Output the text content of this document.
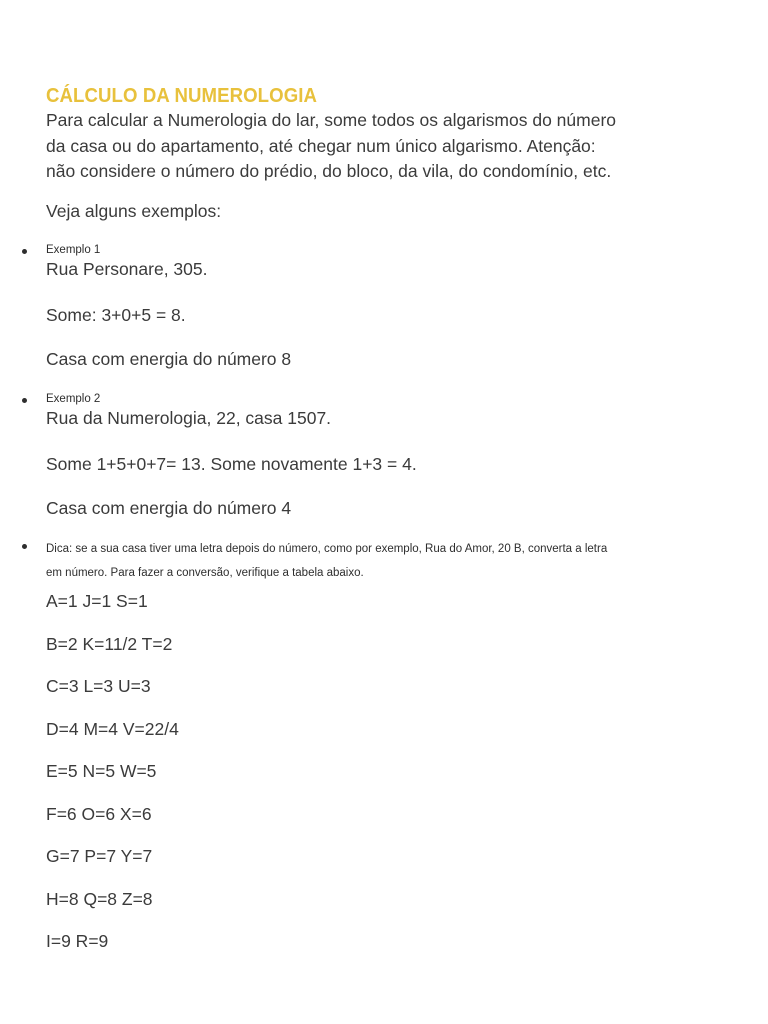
CÁLCULO DA NUMEROLOGIA
Para calcular a Numerologia do lar, some todos os algarismos do número
da casa ou do apartamento, até chegar num único algarismo. Atenção:
não considere o número do prédio, do bloco, da vila, do condomínio, etc.
Veja alguns exemplos:
Exemplo 1
Rua Personare, 305.
Some: 3+0+5 = 8.
Casa com energia do número 8
Exemplo 2
Rua da Numerologia, 22, casa 1507.
Some 1+5+0+7= 13. Some novamente 1+3 = 4.
Casa com energia do número 4
Dica: se a sua casa tiver uma letra depois do número, como por exemplo, Rua do Amor, 20 B, converta a letra
em número. Para fazer a conversão, verifique a tabela abaixo.
A=1 J=1 S=1
B=2 K=11/2 T=2
C=3 L=3 U=3
D=4 M=4 V=22/4
E=5 N=5 W=5
F=6 O=6 X=6
G=7 P=7 Y=7
H=8 Q=8 Z=8
I=9 R=9
